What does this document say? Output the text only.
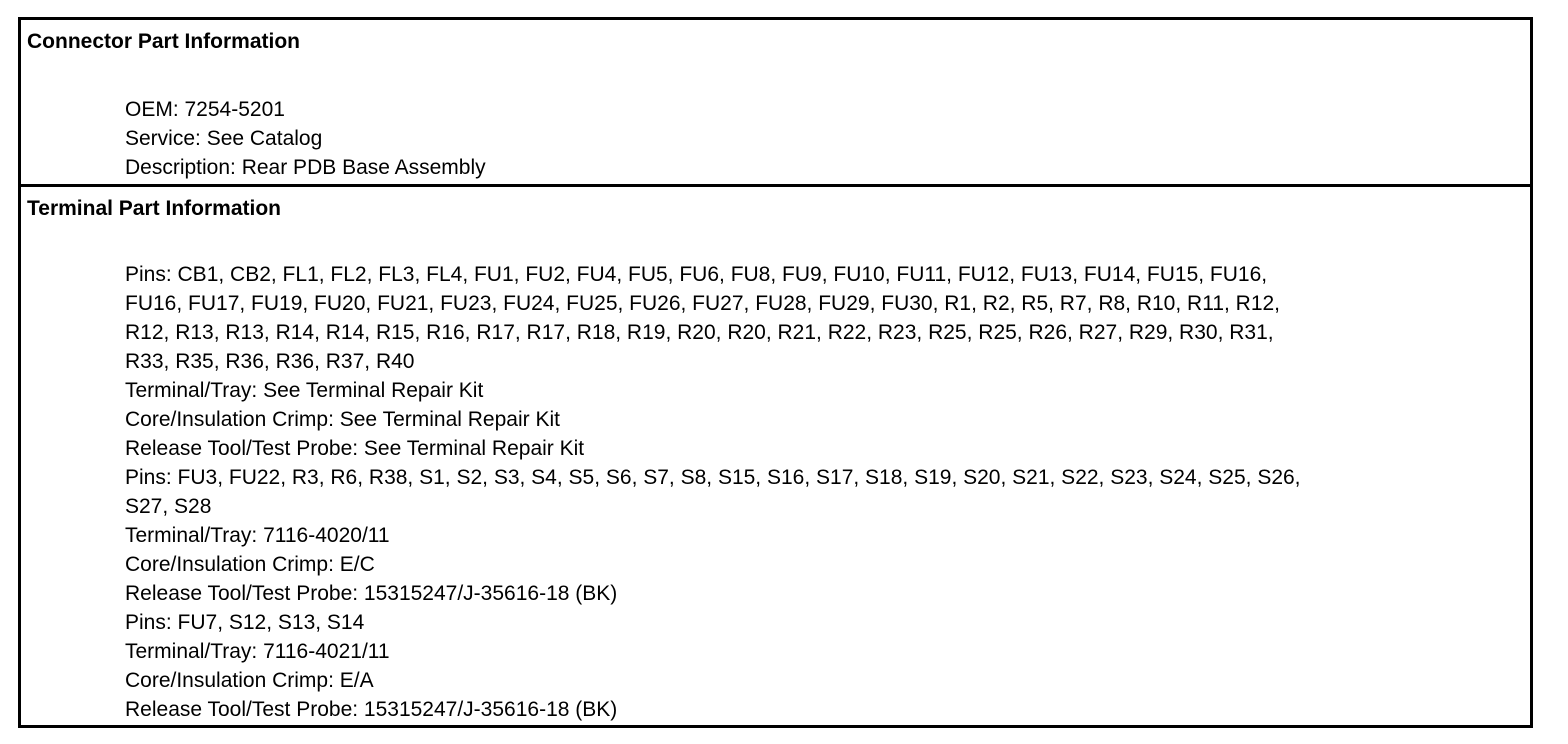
Connector Part Information
OEM: 7254-5201
Service: See Catalog
Description: Rear PDB Base Assembly
Terminal Part Information
Pins: CB1, CB2, FL1, FL2, FL3, FL4, FU1, FU2, FU4, FU5, FU6, FU8, FU9, FU10, FU11, FU12, FU13, FU14, FU15, FU16,
FU16, FU17, FU19, FU20, FU21, FU23, FU24, FU25, FU26, FU27, FU28, FU29, FU30, R1, R2, R5, R7, R8, R10, R11, R12,
R12, R13, R13, R14, R14, R15, R16, R17, R17, R18, R19, R20, R20, R21, R22, R23, R25, R25, R26, R27, R29, R30, R31,
R33, R35, R36, R36, R37, R40
Terminal/Tray: See Terminal Repair Kit
Core/Insulation Crimp: See Terminal Repair Kit
Release Tool/Test Probe: See Terminal Repair Kit
Pins: FU3, FU22, R3, R6, R38, S1, S2, S3, S4, S5, S6, S7, S8, S15, S16, S17, S18, S19, S20, S21, S22, S23, S24, S25, S26,
S27, S28
Terminal/Tray: 7116-4020/11
Core/Insulation Crimp: E/C
Release Tool/Test Probe: 15315247/J-35616-18 (BK)
Pins: FU7, S12, S13, S14
Terminal/Tray: 7116-4021/11
Core/Insulation Crimp: E/A
Release Tool/Test Probe: 15315247/J-35616-18 (BK)
